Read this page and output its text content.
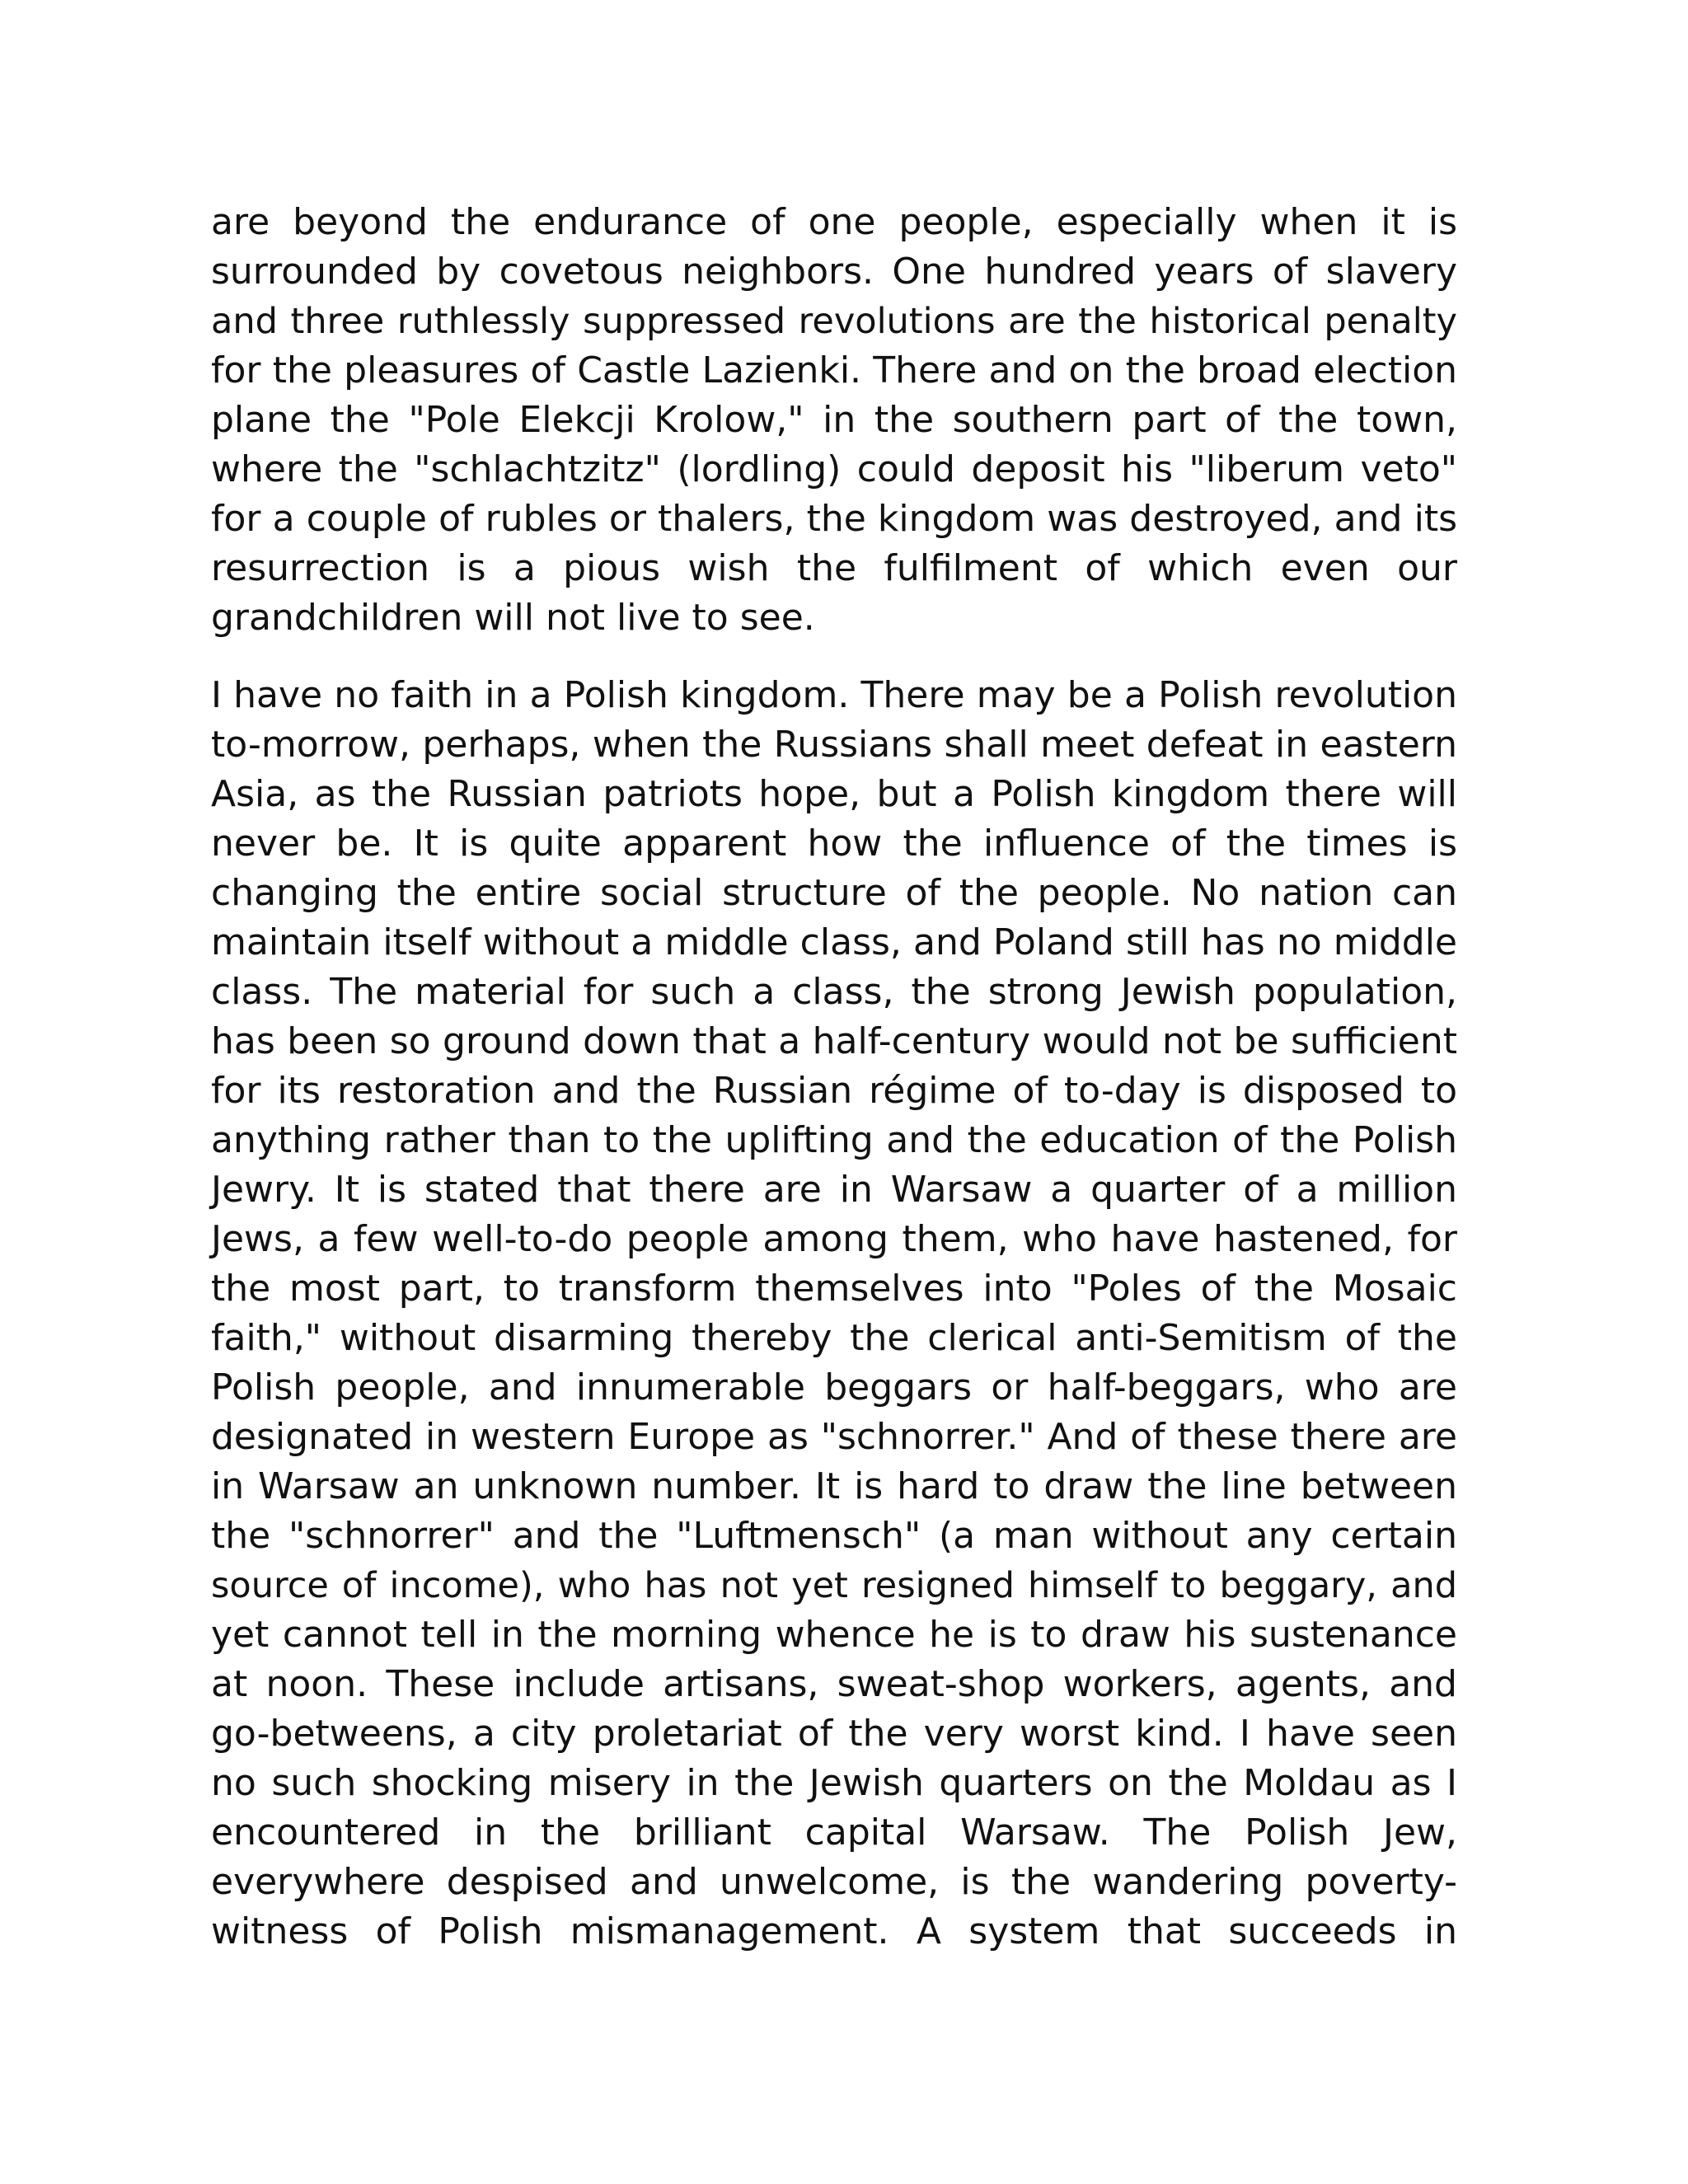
are beyond the endurance of one people, especially when it is
surrounded by covetous neighbors. One hundred years of slavery
and three ruthlessly suppressed revolutions are the historical penalty
for the pleasures of Castle Lazienki. There and on the broad election
plane the "Pole Elekcji Krolow," in the southern part of the town,
where the "schlachtzitz" (lordling) could deposit his "liberum veto"
for a couple of rubles or thalers, the kingdom was destroyed, and its
resurrection is a pious wish the fulfilment of which even our
grandchildren will not live to see.
I have no faith in a Polish kingdom. There may be a Polish revolution
to-morrow, perhaps, when the Russians shall meet defeat in eastern
Asia, as the Russian patriots hope, but a Polish kingdom there will
never be. It is quite apparent how the influence of the times is
changing the entire social structure of the people. No nation can
maintain itself without a middle class, and Poland still has no middle
class. The material for such a class, the strong Jewish population,
has been so ground down that a half-century would not be sufficient
for its restoration and the Russian régime of to-day is disposed to
anything rather than to the uplifting and the education of the Polish
Jewry. It is stated that there are in Warsaw a quarter of a million
Jews, a few well-to-do people among them, who have hastened, for
the most part, to transform themselves into "Poles of the Mosaic
faith," without disarming thereby the clerical anti-Semitism of the
Polish people, and innumerable beggars or half-beggars, who are
designated in western Europe as "schnorrer." And of these there are
in Warsaw an unknown number. It is hard to draw the line between
the "schnorrer" and the "Luftmensch" (a man without any certain
source of income), who has not yet resigned himself to beggary, and
yet cannot tell in the morning whence he is to draw his sustenance
at noon. These include artisans, sweat-shop workers, agents, and
go-betweens, a city proletariat of the very worst kind. I have seen
no such shocking misery in the Jewish quarters on the Moldau as I
encountered in the brilliant capital Warsaw. The Polish Jew,
everywhere despised and unwelcome, is the wandering poverty-
witness of Polish mismanagement. A system that succeeds in
